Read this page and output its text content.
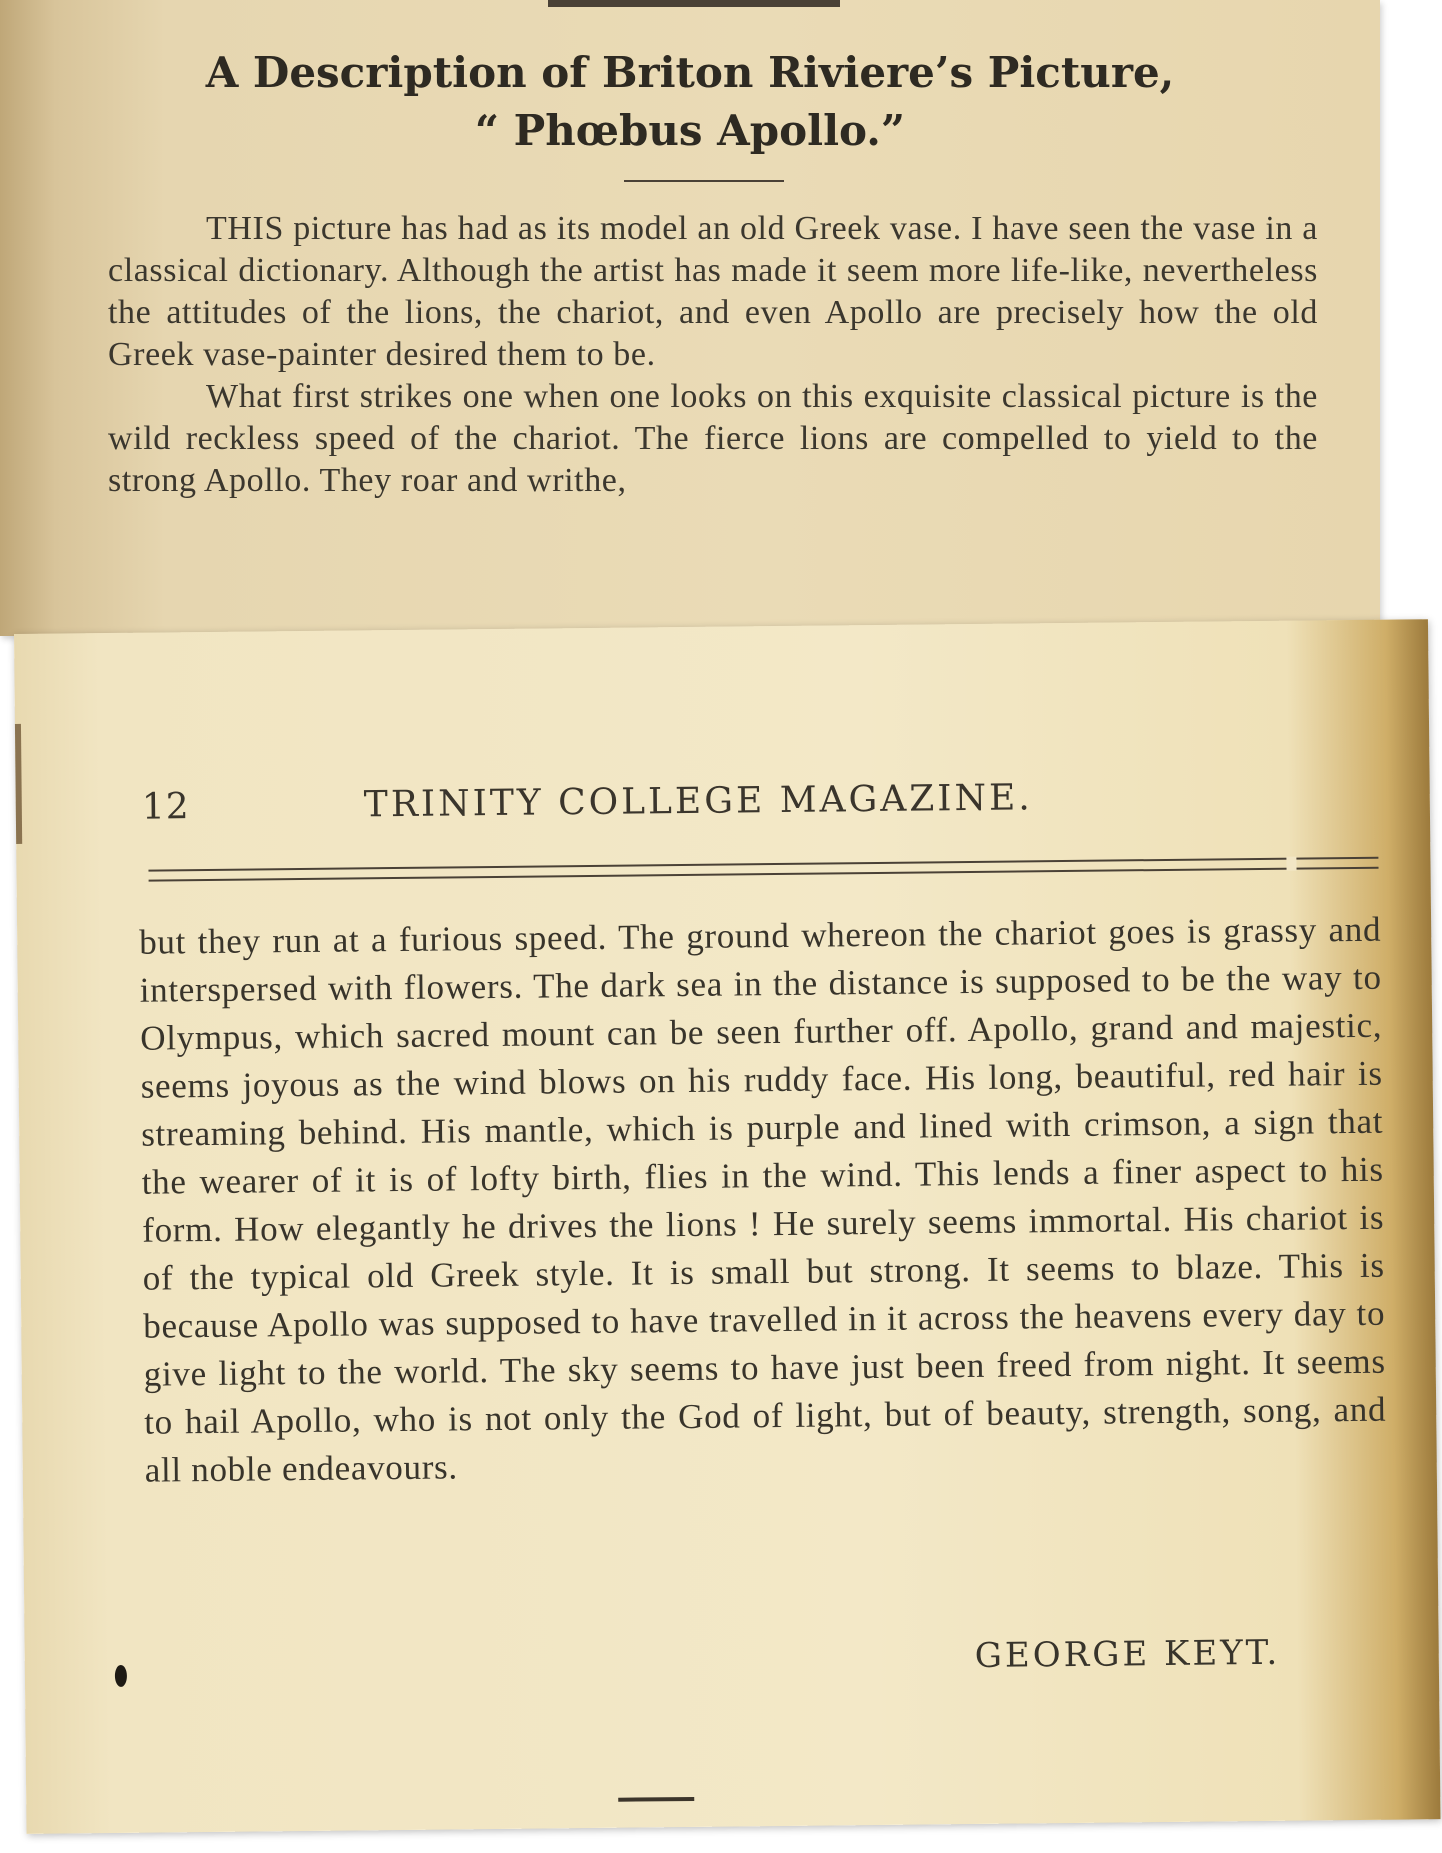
A Description of Briton Riviere’s Picture,
“ Phœbus Apollo.”

THIS picture has had as its model an old Greek vase. I have seen the vase in a classical dictionary. Although the artist has made it seem more life-like, nevertheless the attitudes of the lions, the chariot, and even Apollo are precisely how the old Greek vase-painter desired them to be.

What first strikes one when one looks on this exquisite classical picture is the wild reckless speed of the chariot. The fierce lions are compelled to yield to the strong Apollo. They roar and writhe,

12	TRINITY COLLEGE MAGAZINE.

but they run at a furious speed. The ground whereon the chariot goes is grassy and interspersed with flowers. The dark sea in the distance is supposed to be the way to Olympus, which sacred mount can be seen further off. Apollo, grand and majestic, seems joyous as the wind blows on his ruddy face. His long, beautiful, red hair is streaming behind. His mantle, which is purple and lined with crimson, a sign that the wearer of it is of lofty birth, flies in the wind. This lends a finer aspect to his form. How elegantly he drives the lions ! He surely seems immortal. His chariot is of the typical old Greek style. It is small but strong. It seems to blaze. This is because Apollo was supposed to have travelled in it across the heavens every day to give light to the world. The sky seems to have just been freed from night. It seems to hail Apollo, who is not only the God of light, but of beauty, strength, song, and all noble endeavours.

GEORGE KEYT.
